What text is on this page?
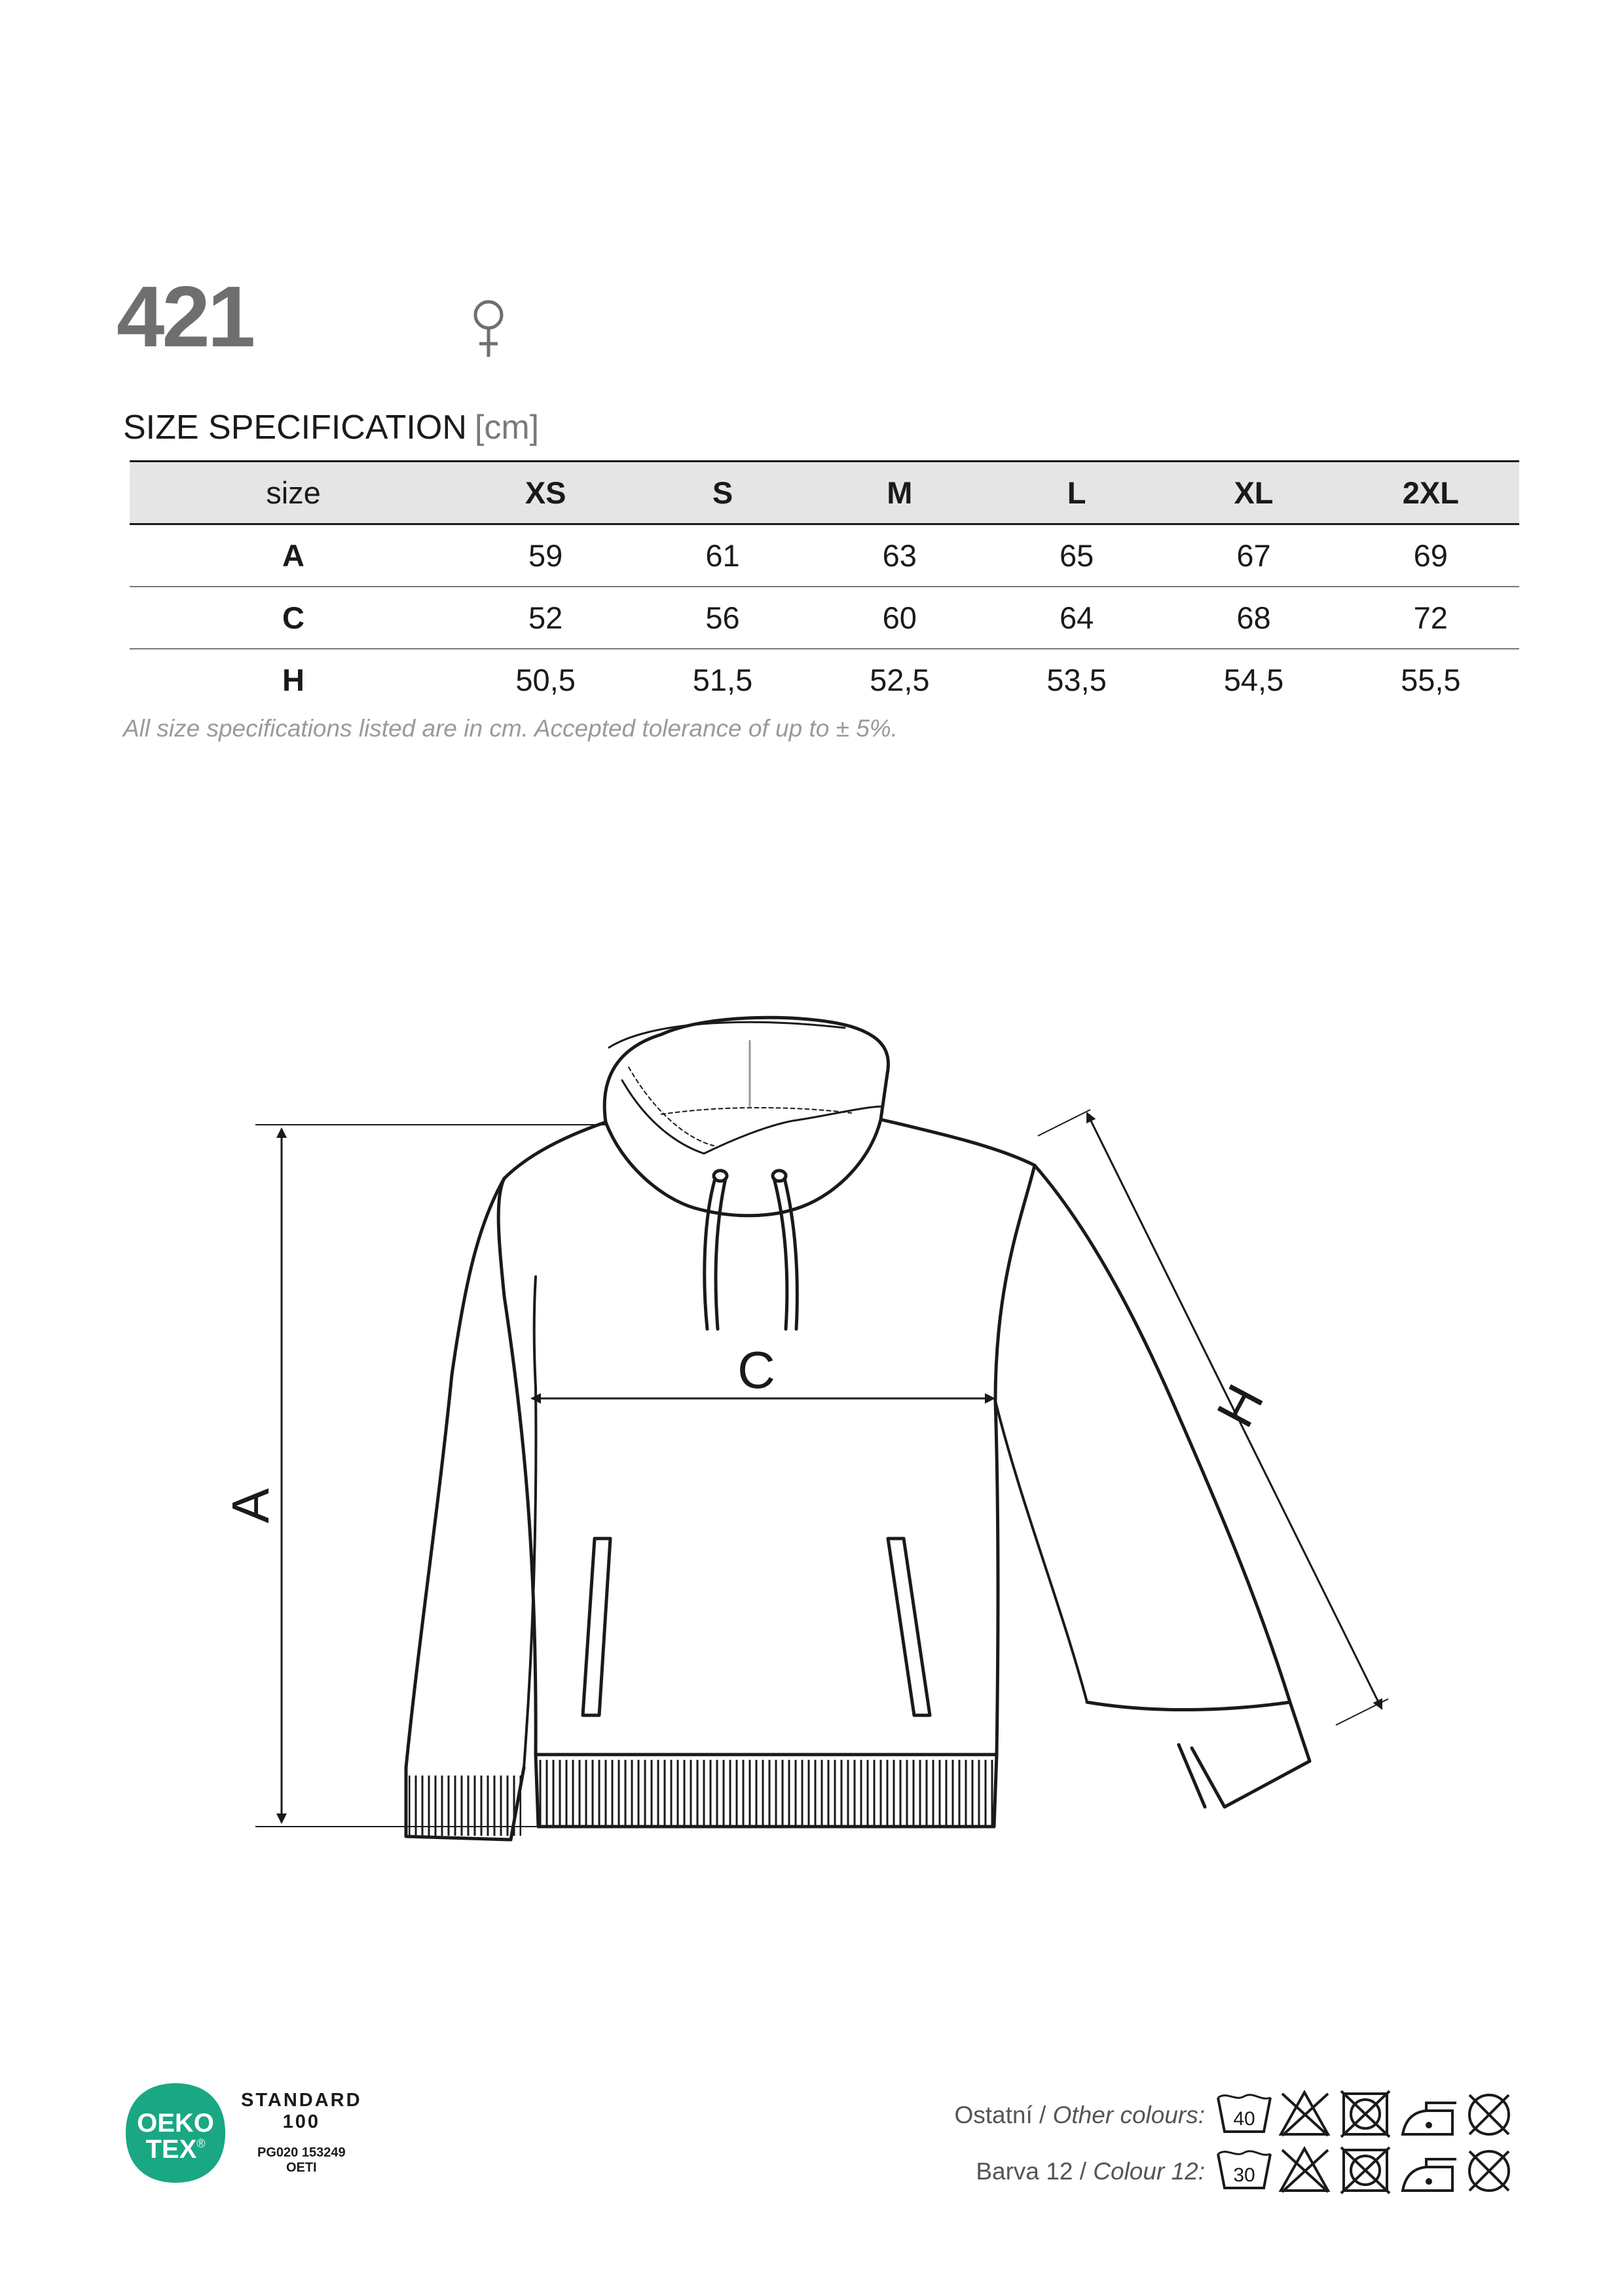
421
SIZE SPECIFICATION [cm]
size	XS	S	M	L	XL	2XL
A	59	61	63	65	67	69
C	52	56	60	64	68	72
H	50,5	51,5	52,5	53,5	54,5	55,5
All size specifications listed are in cm. Accepted tolerance of up to ± 5%.
A
C
H
OEKO
TEX®
STANDARD
100
PG020 153249
OETI
Ostatní / Other colours:
Barva 12 / Colour 12:
40
30
